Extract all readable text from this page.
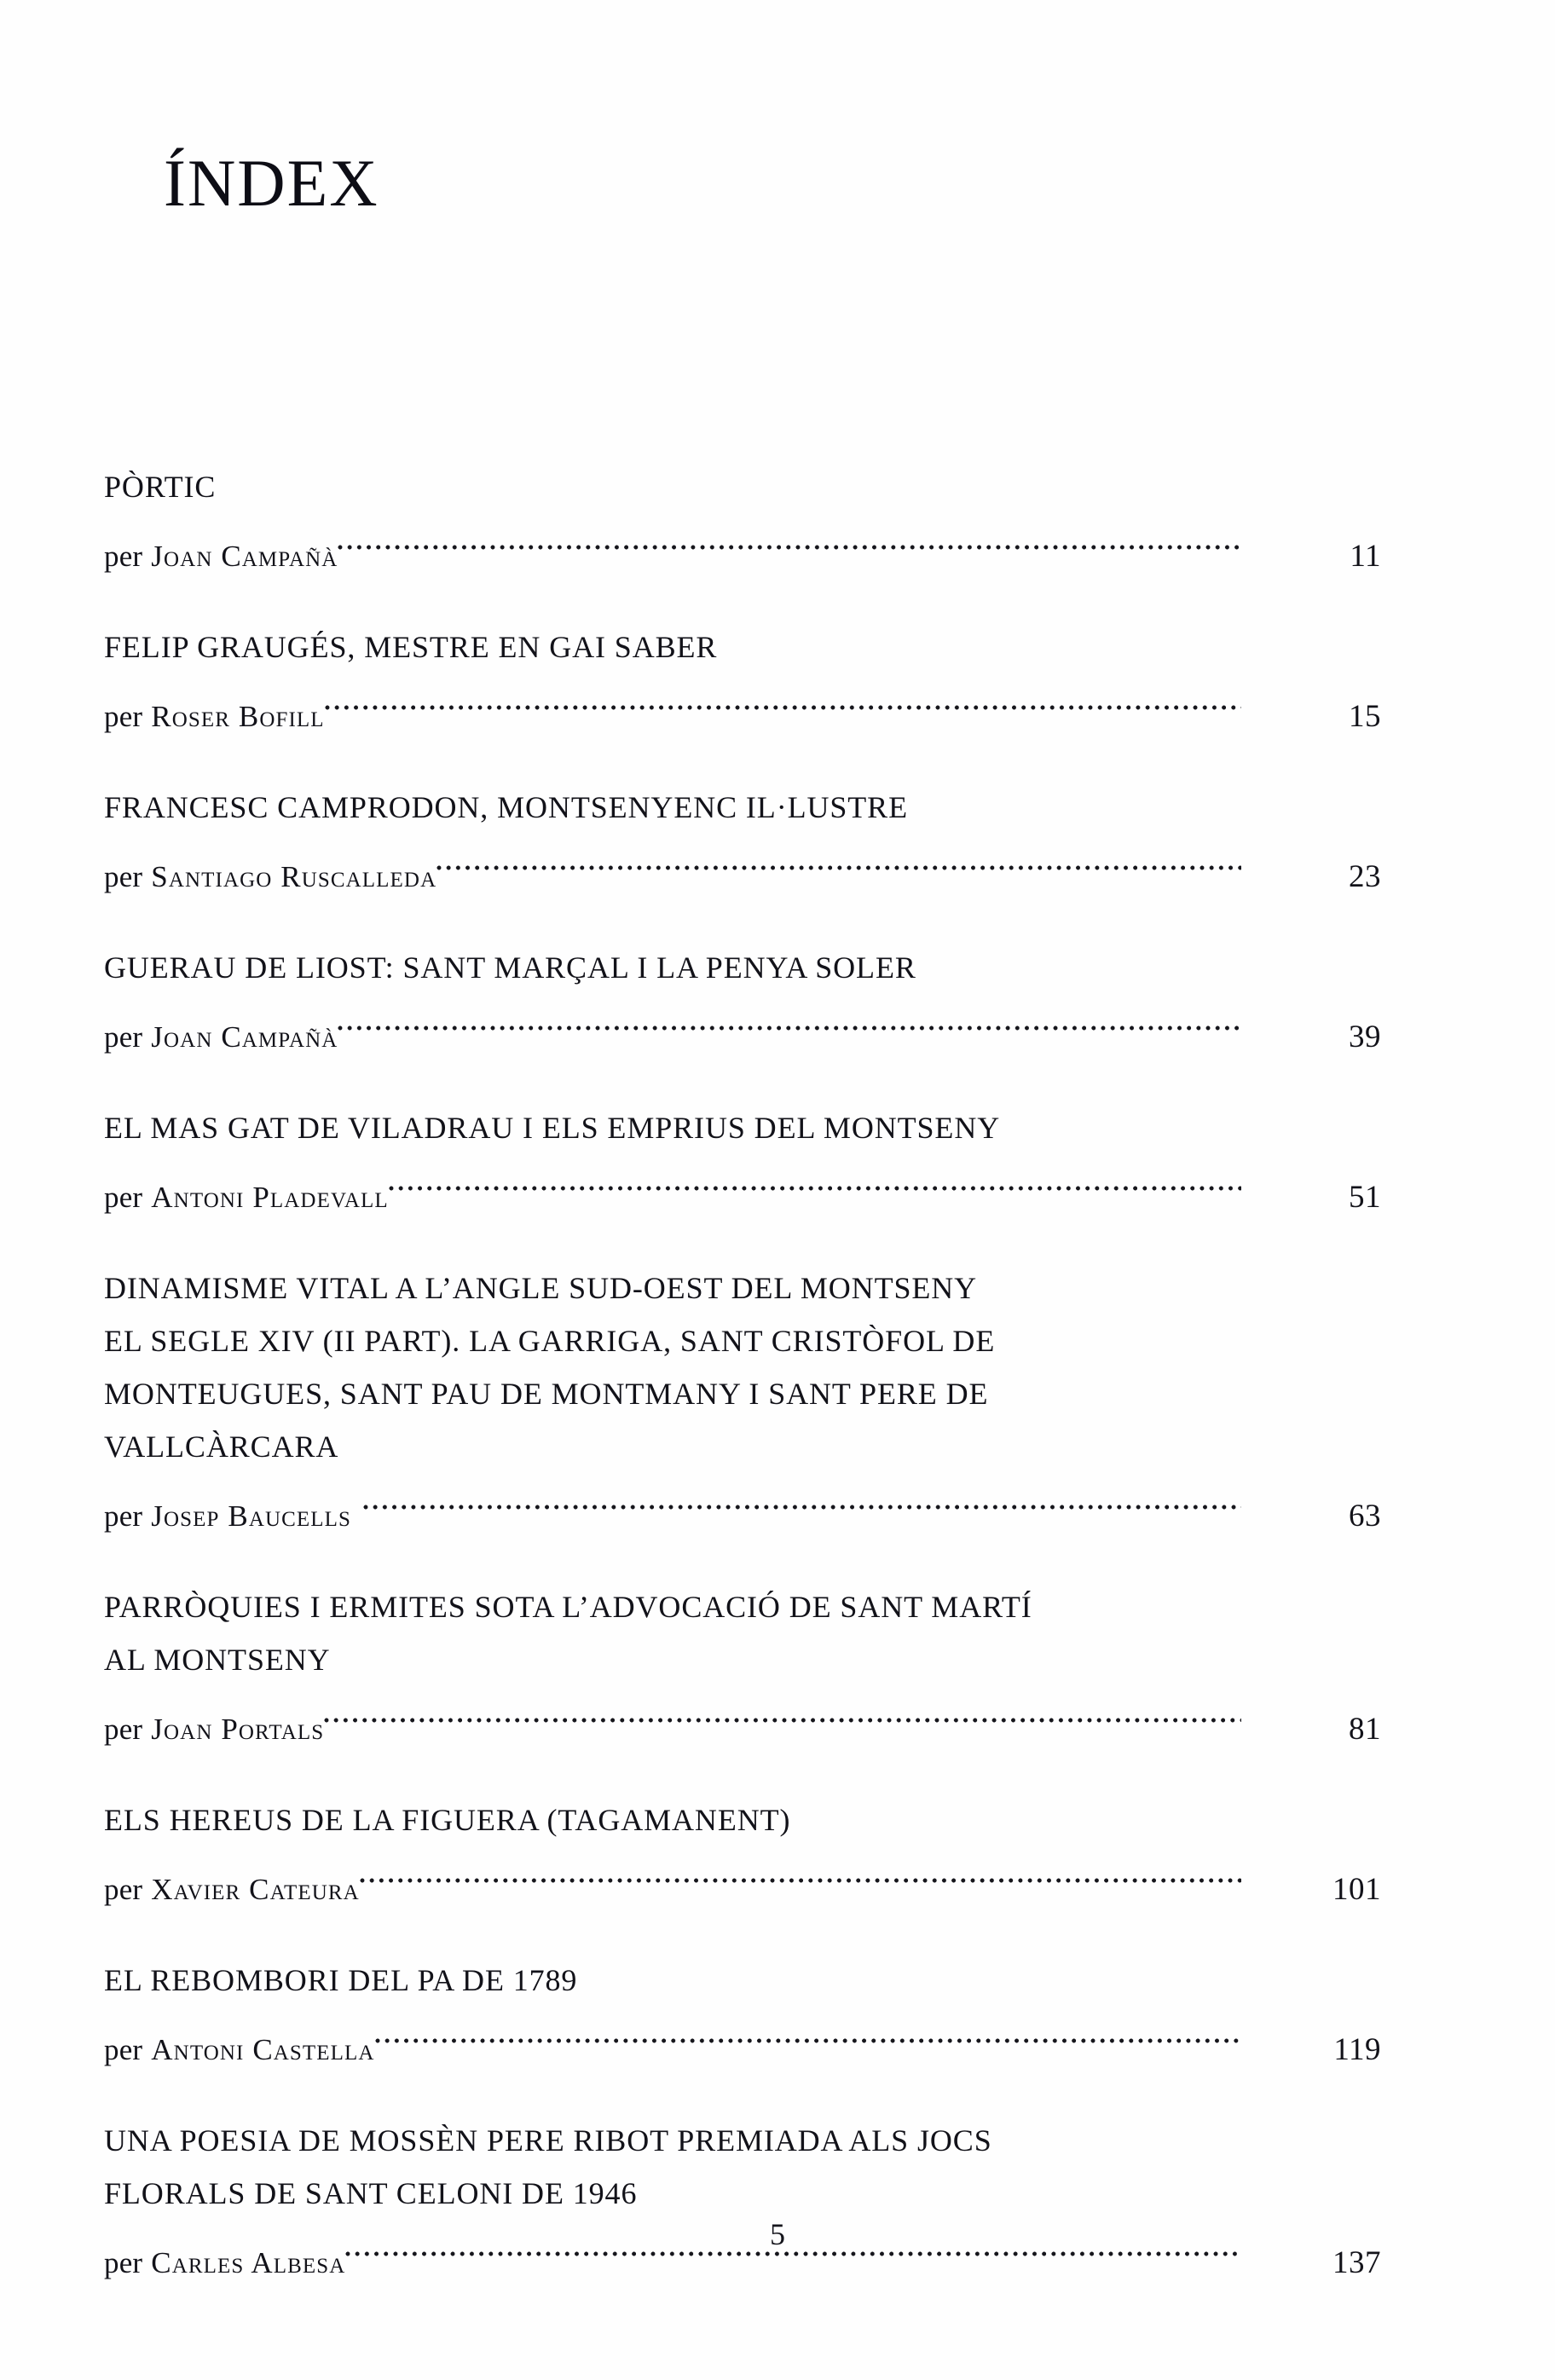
ÍNDEX
PÒRTIC
per Joan Campañà	11
FELIP GRAUGÉS, MESTRE EN GAI SABER
per Roser Bofill	15
FRANCESC CAMPRODON, MONTSENYENC IL·LUSTRE
per Santiago Ruscalleda	23
GUERAU DE LIOST: SANT MARÇAL I LA PENYA SOLER
per Joan Campañà	39
EL MAS GAT DE VILADRAU I ELS EMPRIUS DEL MONTSENY
per Antoni Pladevall	51
DINAMISME VITAL A L’ANGLE SUD-OEST DEL MONTSENY
EL SEGLE XIV (II PART). LA GARRIGA, SANT CRISTÒFOL DE
MONTEUGUES, SANT PAU DE MONTMANY I SANT PERE DE
VALLCÀRCARA
per Josep Baucells	63
PARRÒQUIES I ERMITES SOTA L’ADVOCACIÓ DE SANT MARTÍ
AL MONTSENY
per Joan Portals	81
ELS HEREUS DE LA FIGUERA (TAGAMANENT)
per Xavier Cateura	101
EL REBOMBORI DEL PA DE 1789
per Antoni Castella	119
UNA POESIA DE MOSSÈN PERE RIBOT PREMIADA ALS JOCS
FLORALS DE SANT CELONI DE 1946
per Carles Albesa	137
5
